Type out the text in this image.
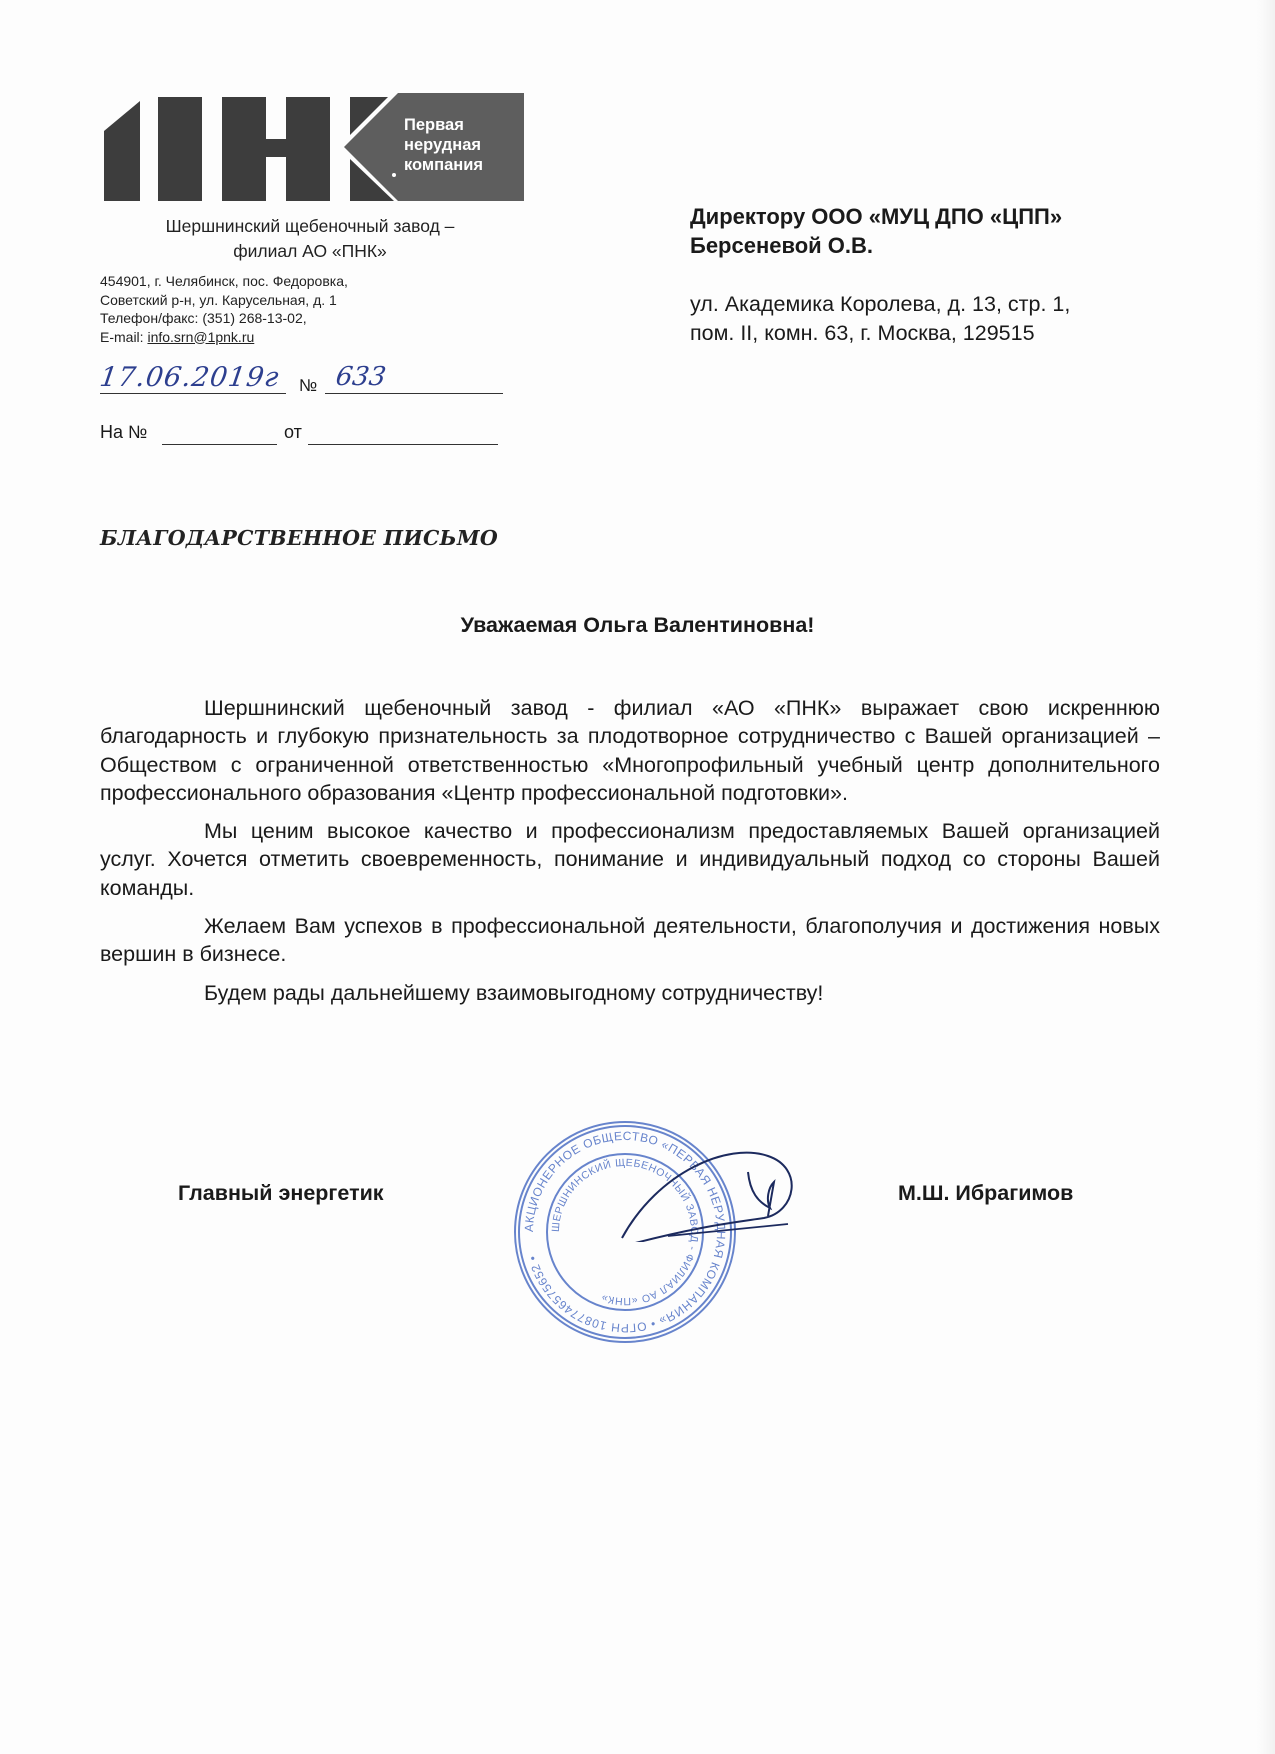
Первая
нерудная
компания
Шершнинский щебеночный завод –
филиал АО «ПНК»
454901, г. Челябинск, пос. Федоровка,
Советский р-н, ул. Карусельная, д. 1
Телефон/факс: (351) 268-13-02,
E-mail: info.srn@1pnk.ru
17.06.2019г № 633
На №	от
Директору ООО «МУЦ ДПО «ЦПП»
Берсеневой О.В.
ул. Академика Королева, д. 13, стр. 1,
пом. II, комн. 63, г. Москва, 129515
БЛАГОДАРСТВЕННОЕ ПИСЬМО
Уважаемая Ольга Валентиновна!

Шершнинский щебеночный завод - филиал «АО «ПНК» выражает свою искреннюю благодарность и глубокую признательность за плодотворное сотрудничество с Вашей организацией – Обществом с ограниченной ответственностью «Многопрофильный учебный центр дополнительного профессионального образования «Центр профессиональной подготовки».

Мы ценим высокое качество и профессионализм предоставляемых Вашей организацией услуг. Хочется отметить своевременность, понимание и индивидуальный подход со стороны Вашей команды.

Желаем Вам успехов в профессиональной деятельности, благополучия и достижения новых вершин в бизнесе.

Будем рады дальнейшему взаимовыгодному сотрудничеству!

Главный энергетик	М.Ш. Ибрагимов
АКЦИОНЕРНОЕ ОБЩЕСТВО «ПЕРВАЯ НЕРУДНАЯ КОМПАНИЯ» • ОГРН 1087746575652 •
ШЕРШНИНСКИЙ ЩЕБЕНОЧНЫЙ ЗАВОД - ФИЛИАЛ АО «ПНК»
